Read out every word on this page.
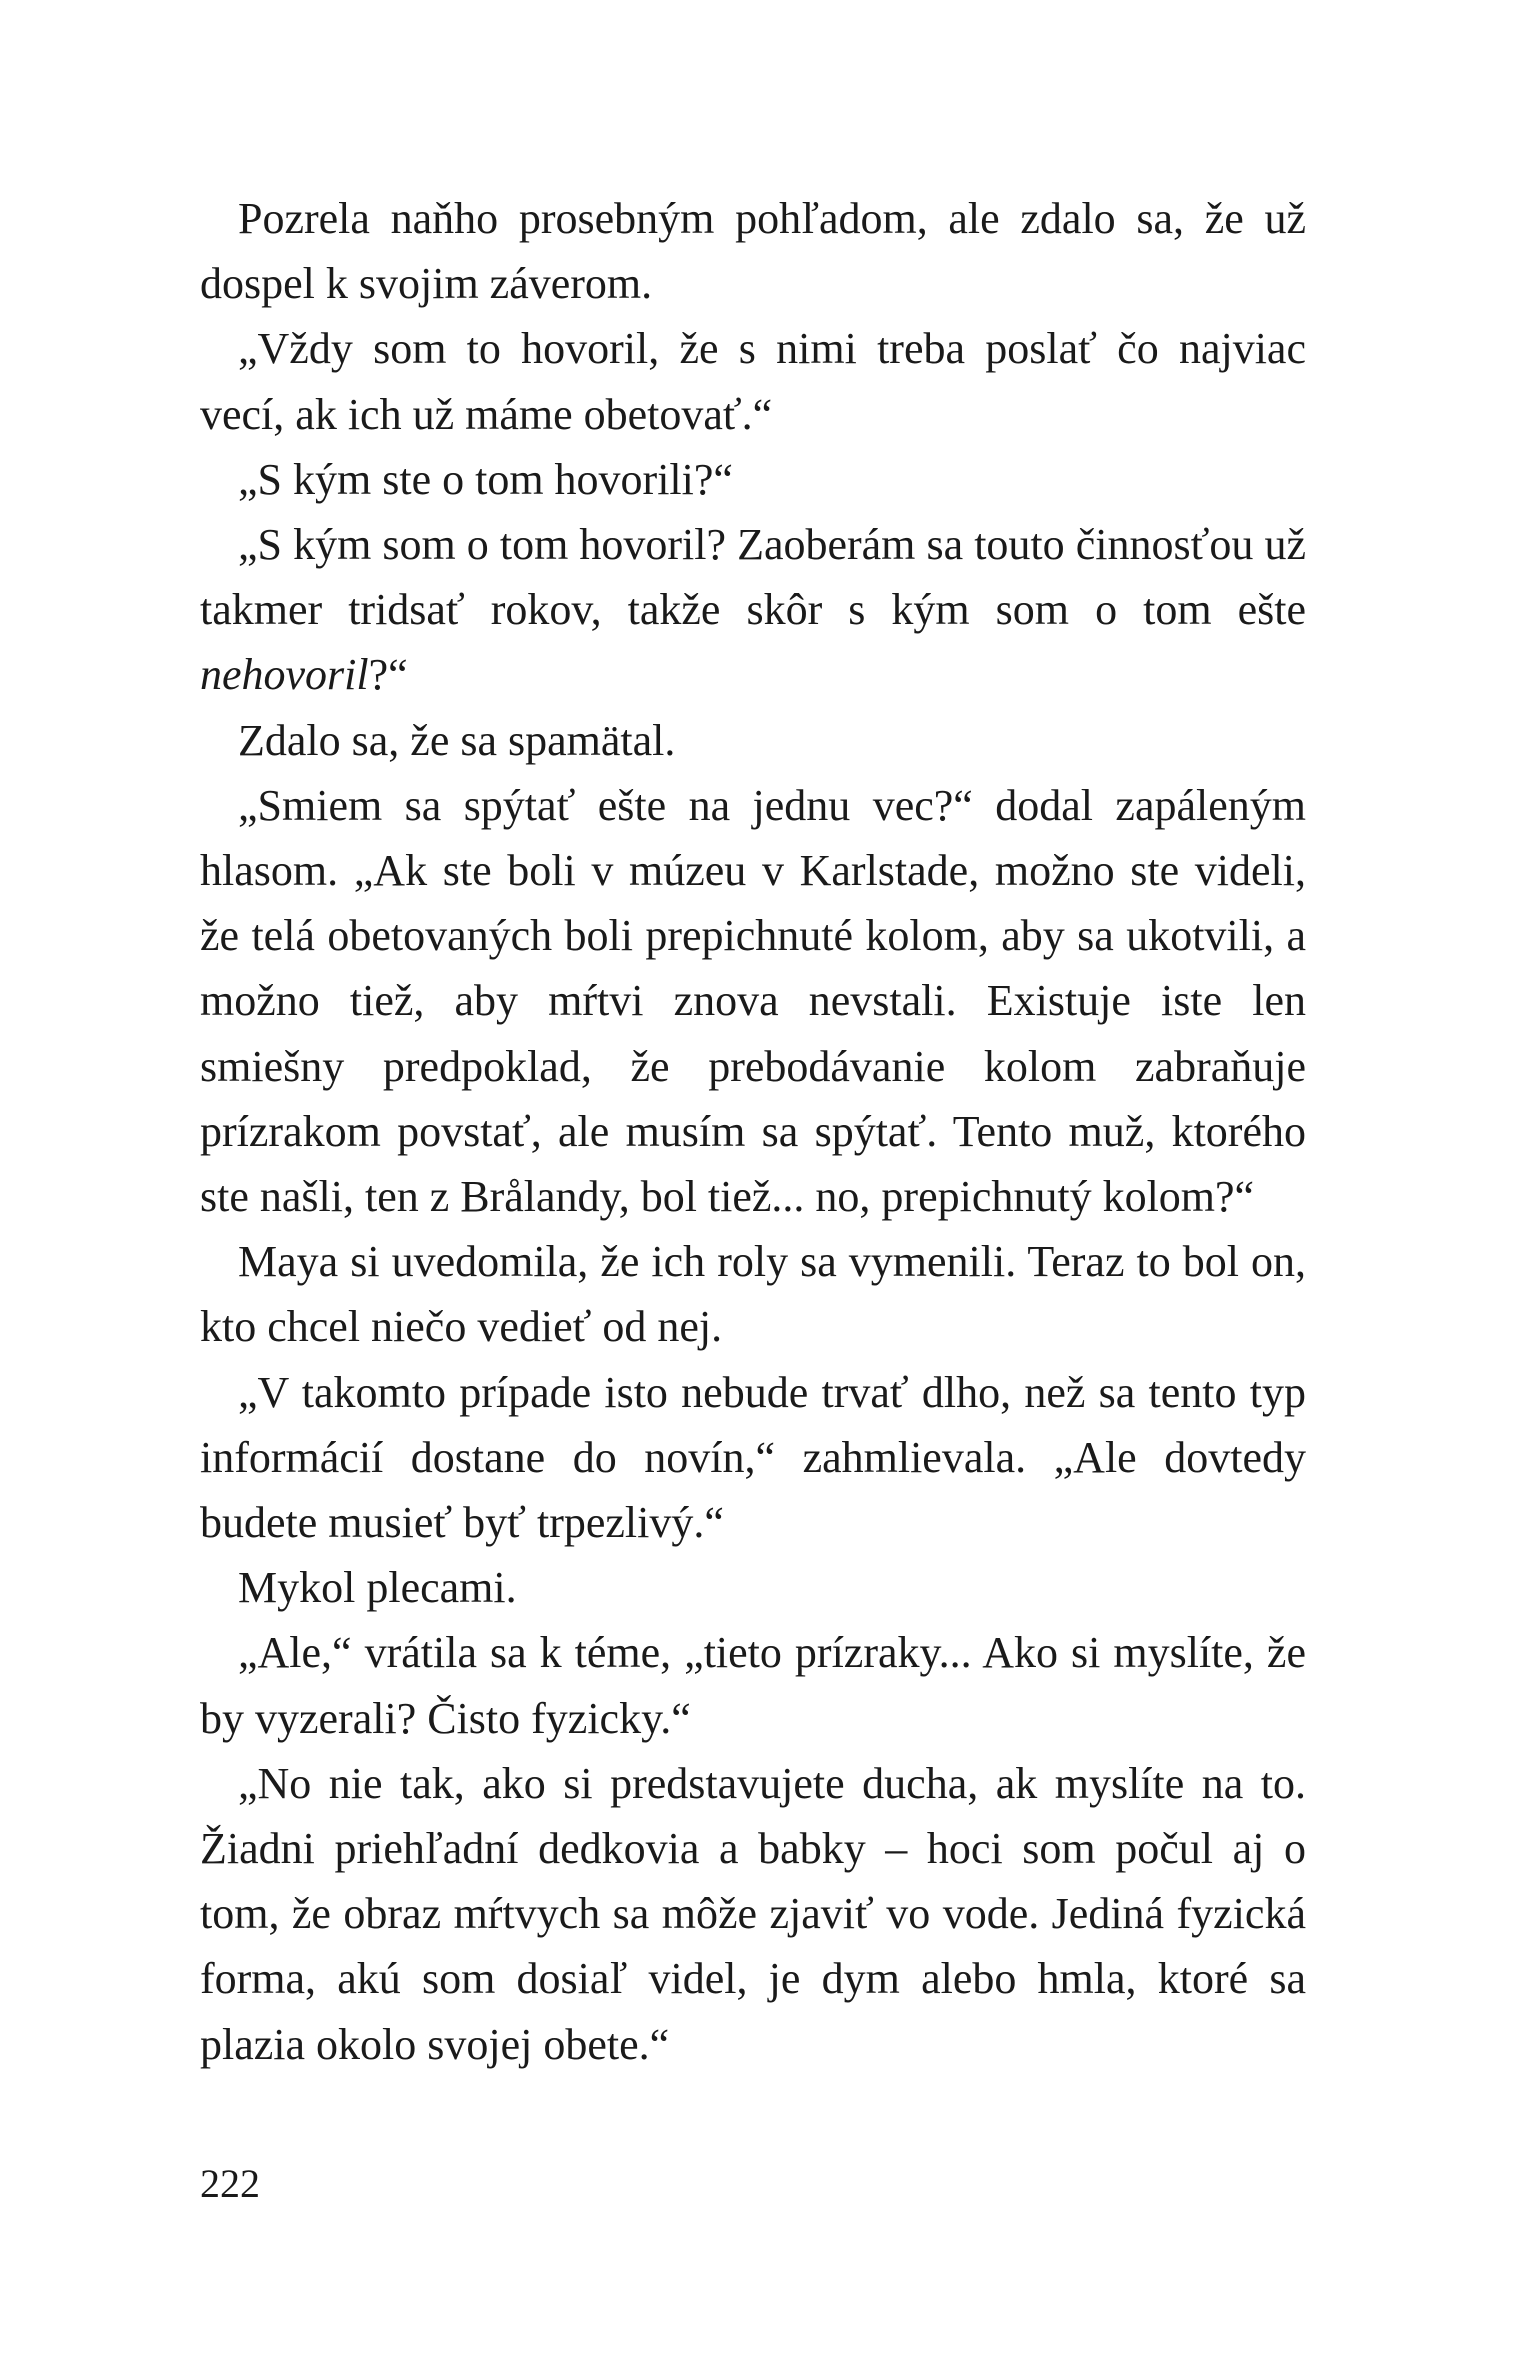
Pozrela naňho prosebným pohľadom, ale zdalo sa, že už dospel k svojim záverom.

„Vždy som to hovoril, že s nimi treba poslať čo najviac vecí, ak ich už máme obetovať.“

„S kým ste o tom hovorili?“

„S kým som o tom hovoril? Zaoberám sa touto činnosťou už takmer tridsať rokov, takže skôr s kým som o tom ešte nehovoril?“

Zdalo sa, že sa spamätal.

„Smiem sa spýtať ešte na jednu vec?“ dodal zapáleným hlasom. „Ak ste boli v múzeu v Karlstade, možno ste videli, že telá obetovaných boli prepichnuté kolom, aby sa ukotvili, a možno tiež, aby mŕtvi znova nevstali. Existuje iste len smiešny predpoklad, že prebodávanie kolom zabraňuje prízrakom povstať, ale musím sa spýtať. Tento muž, ktorého ste našli, ten z Brålandy, bol tiež... no, prepichnutý kolom?“

Maya si uvedomila, že ich roly sa vymenili. Teraz to bol on, kto chcel niečo vedieť od nej.

„V takomto prípade isto nebude trvať dlho, než sa tento typ informácií dostane do novín,“ zahmlievala. „Ale dovtedy budete musieť byť trpezlivý.“

Mykol plecami.

„Ale,“ vrátila sa k téme, „tieto prízraky... Ako si myslíte, že by vyzerali? Čisto fyzicky.“

„No nie tak, ako si predstavujete ducha, ak myslíte na to. Žiadni priehľadní dedkovia a babky – hoci som počul aj o tom, že obraz mŕtvych sa môže zjaviť vo vode. Jediná fyzická forma, akú som dosiaľ videl, je dym alebo hmla, ktoré sa plazia okolo svojej obete.“

222
